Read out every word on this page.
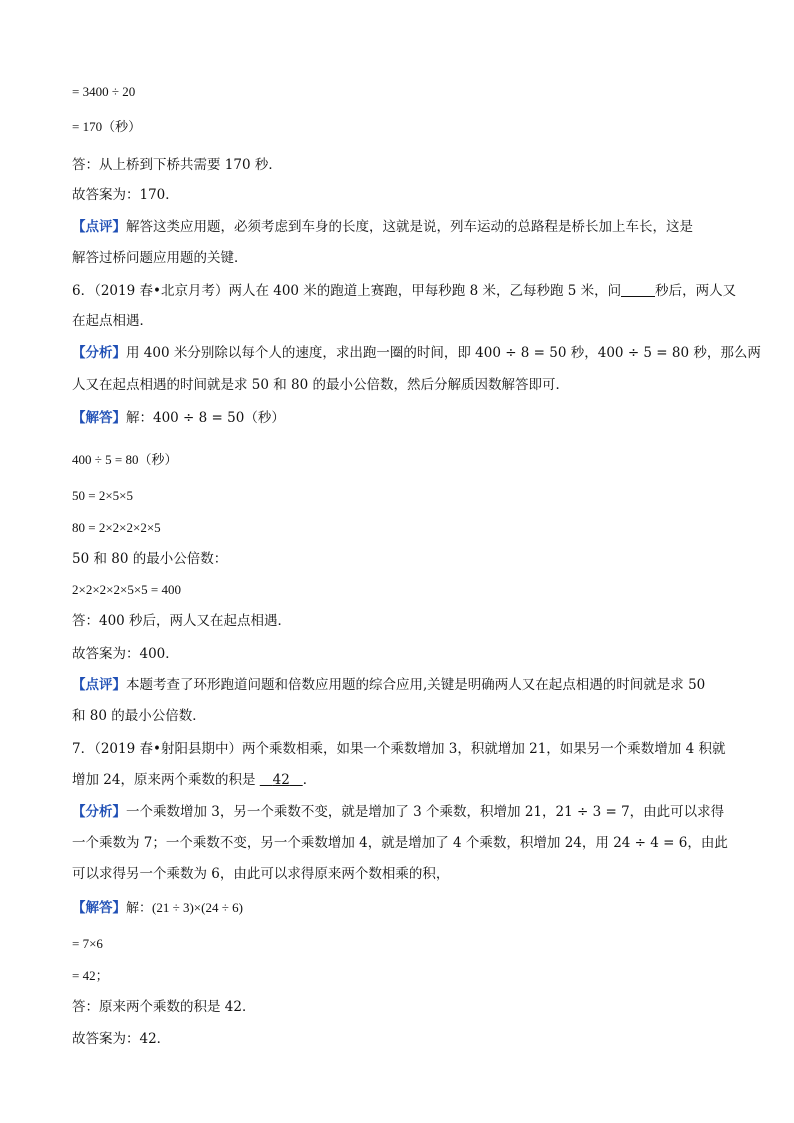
= 3400 ÷ 20
= 170（秒）
答：从上桥到下桥共需要 170 秒．
故答案为：170．
【点评】解答这类应用题，必须考虑到车身的长度，这就是说，列车运动的总路程是桥长加上车长，这是
解答过桥问题应用题的关键．
6．（2019 春•北京月考）两人在 400 米的跑道上赛跑，甲每秒跑 8 米，乙每秒跑 5 米，问	秒后，两人又
在起点相遇．
【分析】用 400 米分别除以每个人的速度，求出跑一圈的时间，即 400 ÷ 8 = 50 秒，400 ÷ 5 = 80 秒，那么两
人又在起点相遇的时间就是求 50 和 80 的最小公倍数，然后分解质因数解答即可．
【解答】解：400 ÷ 8 = 50（秒）
400 ÷ 5 = 80（秒）
50 = 2×5×5
80 = 2×2×2×2×5
50 和 80 的最小公倍数：
2×2×2×2×5×5 = 400
答：400 秒后，两人又在起点相遇．
故答案为：400．
【点评】本题考查了环形跑道问题和倍数应用题的综合应用,关键是明确两人又在起点相遇的时间就是求 50
和 80 的最小公倍数．
7．（2019 春•射阳县期中）两个乘数相乘，如果一个乘数增加 3，积就增加 21，如果另一个乘数增加 4 积就
增加 24，原来两个乘数的积是 42 ．
【分析】一个乘数增加 3，另一个乘数不变，就是增加了 3 个乘数，积增加 21，21 ÷ 3 = 7，由此可以求得
一个乘数为 7；一个乘数不变，另一个乘数增加 4，就是增加了 4 个乘数，积增加 24，用 24 ÷ 4 = 6，由此
可以求得另一个乘数为 6，由此可以求得原来两个数相乘的积，
【解答】解：(21 ÷ 3)×(24 ÷ 6)
= 7×6
= 42；
答：原来两个乘数的积是 42．
故答案为：42．
